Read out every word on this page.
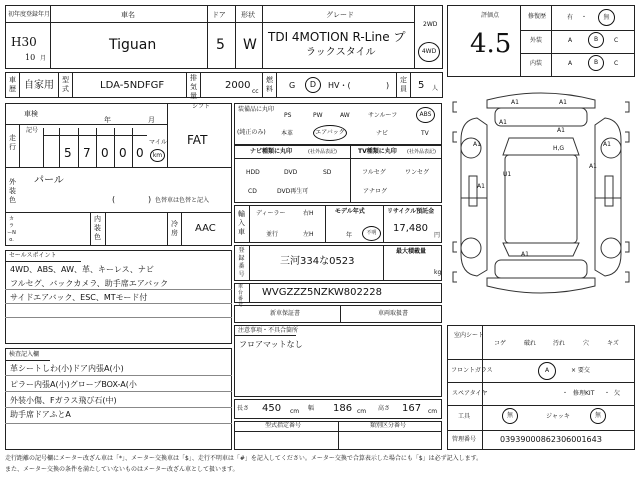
初年度登録年月
H30
10 月
車名
Tiguan
ドア
5
形状
W
グレード
TDI 4MOTION R-Line プ
ラックスタイル
2WD
4WD
車歴 自家用 型式	LDA-5NDFGF
排気量
2000
cc
燃料 G D HV・(	)
定員 5 人
車検
年	月
シフト
FAT
走行
記号
5 7 0 0 0
マイル
km
外装色
パール
(	) 色替車は色替と記入
カラーNo.
内装色
冷房 AAC
セールスポイント
4WD、ABS、AW、革、キーレス、ナビ
フルセグ、バックカメラ、助手席エアバック
サイドエアバック、ESC、MTモード付
検査記入欄
革シートしわ(小)ドア内張A(小)
ピラー内張A(小)グローブBOX-A(小
外装小傷、Fガラス飛び石(中)
助手席ドアふとA
装備品に丸印
(純正のみ)
PS	PW	AW	サンルーフ	ABS
本革	エアバック	ナビ	TV
ナビ種類に丸印	(社外品表記)	TV種類に丸印 (社外品表記)
HDD	DVD	SD
CD	DVD再生可
フルセグ	ワンセグ
アナログ
輸入車
ディーラー
並行
右H
左H
モデル年式
年	不明
リサイクル預託金
17,480
円
登録番号
三河334な0523
最大積載量
kg
車台番号
WVGZZZ5NZKW802228
新車保証書	車両取扱書
注意事項・不具合箇所
フロアマットなし
長さ 450 cm 幅 186 cm 高さ 167 cm
型式指定番号	類別区分番号
評価点
4.5
修復歴	有 ・	無
外装	A	B	C
内装	A	B	C
A1	A1
A1
A1
A1	A1
A1
A1
U1
A1
H,G
室内シート
コゲ	破れ	汚れ	穴	キズ
フロントガラス	A	× 要交
スペアタイヤ	・ 修理KIT ・ 欠
工具	無	ジャッキ	無
管理番号	0393900086230600164З
走行距離の記号欄にメーター改ざん車は「*」、メーター交換車は「$」、走行不明車は「#」を記入してください。メーター交換で合算表示した場合にも「$」は必ず記入します。
また、メーター交換の条件を満たしていないものはメーター改ざん車として扱います。
